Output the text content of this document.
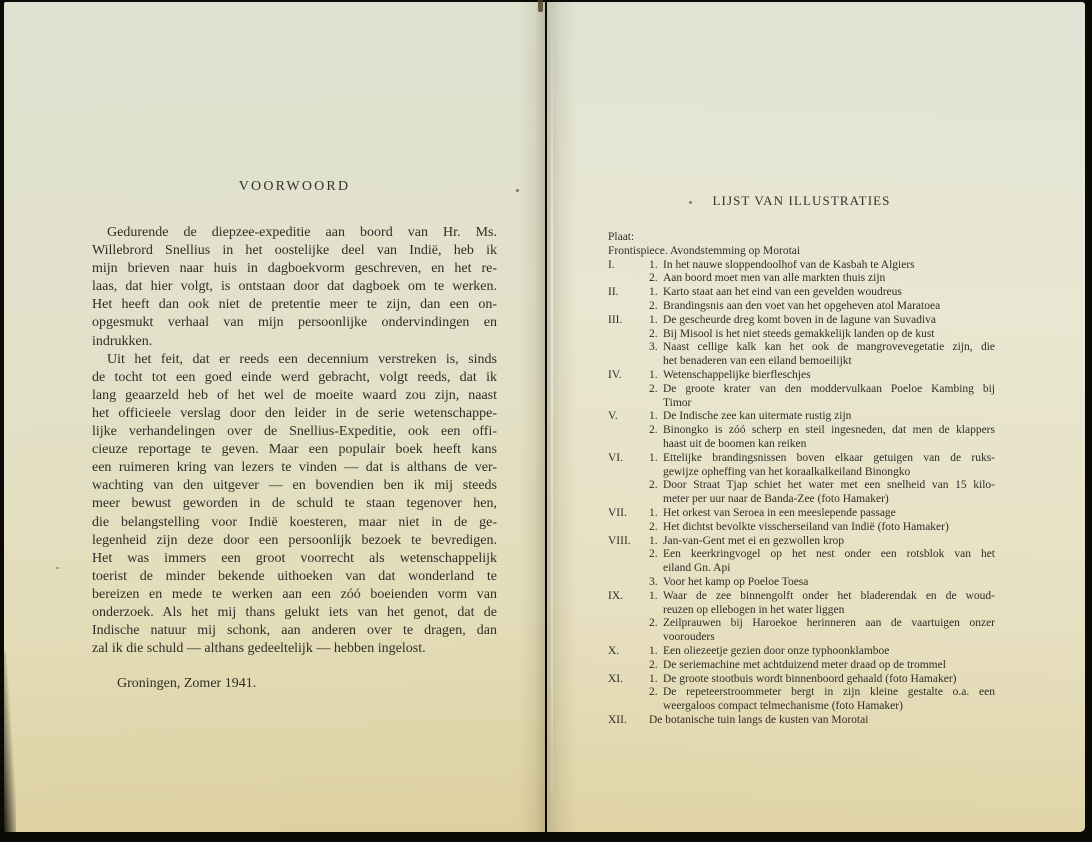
VOORWOORD
Gedurende de diepzee-expeditie aan boord van Hr. Ms.
Willebrord Snellius in het oostelijke deel van Indië, heb ik
mijn brieven naar huis in dagboekvorm geschreven, en het re-
laas, dat hier volgt, is ontstaan door dat dagboek om te werken.
Het heeft dan ook niet de pretentie meer te zijn, dan een on-
opgesmukt verhaal van mijn persoonlijke ondervindingen en
indrukken.
Uit het feit, dat er reeds een decennium verstreken is, sinds
de tocht tot een goed einde werd gebracht, volgt reeds, dat ik
lang geaarzeld heb of het wel de moeite waard zou zijn, naast
het officieele verslag door den leider in de serie wetenschappe-
lijke verhandelingen over de Snellius-Expeditie, ook een offi-
cieuze reportage te geven. Maar een populair boek heeft kans
een ruimeren kring van lezers te vinden — dat is althans de ver-
wachting van den uitgever — en bovendien ben ik mij steeds
meer bewust geworden in de schuld te staan tegenover hen,
die belangstelling voor Indië koesteren, maar niet in de ge-
legenheid zijn deze door een persoonlijk bezoek te bevredigen.
Het was immers een groot voorrecht als wetenschappelijk
toerist de minder bekende uithoeken van dat wonderland te
bereizen en mede te werken aan een zóó boeienden vorm van
onderzoek. Als het mij thans gelukt iets van het genot, dat de
Indische natuur mij schonk, aan anderen over te dragen, dan
zal ik die schuld — althans gedeeltelijk — hebben ingelost.
Groningen, Zomer 1941.
LIJST VAN ILLUSTRATIES
Plaat:
Frontispiece. Avondstemming op Morotai
I.	1. In het nauwe sloppendoolhof van de Kasbah te Algiers
2. Aan boord moet men van alle markten thuis zijn
II.	1. Karto staat aan het eind van een gevelden woudreus
2. Brandingsnis aan den voet van het opgeheven atol Maratoea
III.	1. De gescheurde dreg komt boven in de lagune van Suvadiva
2. Bij Misool is het niet steeds gemakkelijk landen op de kust
3. Naast cellige kalk kan het ook de mangrovevegetatie zijn, die
het benaderen van een eiland bemoeilijkt
IV.	1. Wetenschappelijke bierfleschjes
2. De groote krater van den moddervulkaan Poeloe Kambing bij
Timor
V.	1. De Indische zee kan uitermate rustig zijn
2. Binongko is zóó scherp en steil ingesneden, dat men de klappers
haast uit de boomen kan reiken
VI.	1. Ettelijke brandingsnissen boven elkaar getuigen van de ruks-
gewijze opheffing van het koraalkalkeiland Binongko
2. Door Straat Tjap schiet het water met een snelheid van 15 kilo-
meter per uur naar de Banda-Zee (foto Hamaker)
VII.	1. Het orkest van Seroea in een meeslepende passage
2. Het dichtst bevolkte visscherseiland van Indië (foto Hamaker)
VIII.	1. Jan-van-Gent met ei en gezwollen krop
2. Een keerkringvogel op het nest onder een rotsblok van het
eiland Gn. Api
3. Voor het kamp op Poeloe Toesa
IX.	1. Waar de zee binnengolft onder het bladerendak en de woud-
reuzen op ellebogen in het water liggen
2. Zeilprauwen bij Haroekoe herinneren aan de vaartuigen onzer
voorouders
X.	1. Een oliezeetje gezien door onze typhoonklamboe
2. De seriemachine met achtduizend meter draad op de trommel
XI.	1. De groote stootbuis wordt binnenboord gehaald (foto Hamaker)
2. De repeteerstroommeter bergt in zijn kleine gestalte o.a. een
weergaloos compact telmechanisme (foto Hamaker)
XII.	De botanische tuin langs de kusten van Morotai
